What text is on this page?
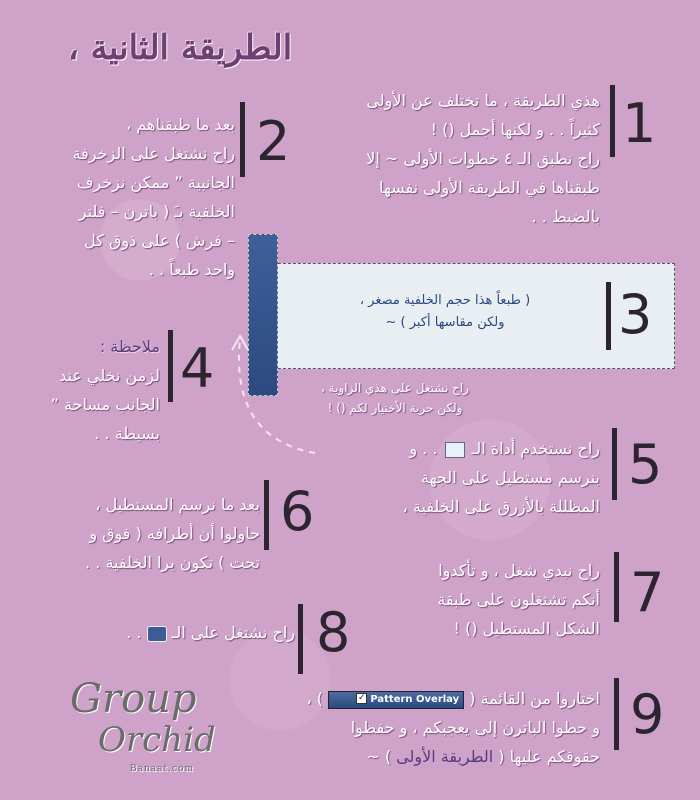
الطريقة الثانية ،
1
هذي الطريقة ، ما تختلف عن الأولى
كثيراً . . و لكنها أجمل () !
راح نطبق الـ ٤ خطوات الأولى ~ إلا
طبقناها في الطريقة الأولى نفسها
بالضبط . .
2
بعد ما طبقناهم ،
راح نشتغل على الزخرفة
الجانبية ” ممكن نزخرف
الخلفية بـَ ( باترن – فلتر
– فرش ) على ذوق كل
واحد طبعاً . .
3
( طبعاً هذا حجم الخلفية مصغر ،
ولكن مقاسها أكبر ) ~
راح نشتغل على هذي الزاوية ،
ولكن حرية الأختيار لكم () !
4
ملاحظة :
لزمن نخلي عند
الجانب مساحة ”
بسيطة . .	5
راح نستخدم أداة الـ  . . و
بنرسم مستطيل على الجهة
المظللة بالأزرق على الخلفية ،
6
بعد ما نرسم المستطيل ،
حاولوا أن أطرافه ( فوق و
تحت ) تكون برا الخلفية . .	7
راح نبدي شغل ، و تأكدوا
أنكم تشتغلون على طبقة
الشكل المستطيل () !
8
راح نشتغل على الـ  . .
9
اختاروا من القائمة ( ✓ Pattern Overlay ) ،
و حطوا الباترن إلى يعجبكم ، و حفظوا
حقوقكم عليها ( الطريقة الأولى ) ~
Group
Orchid
Banaat.com
